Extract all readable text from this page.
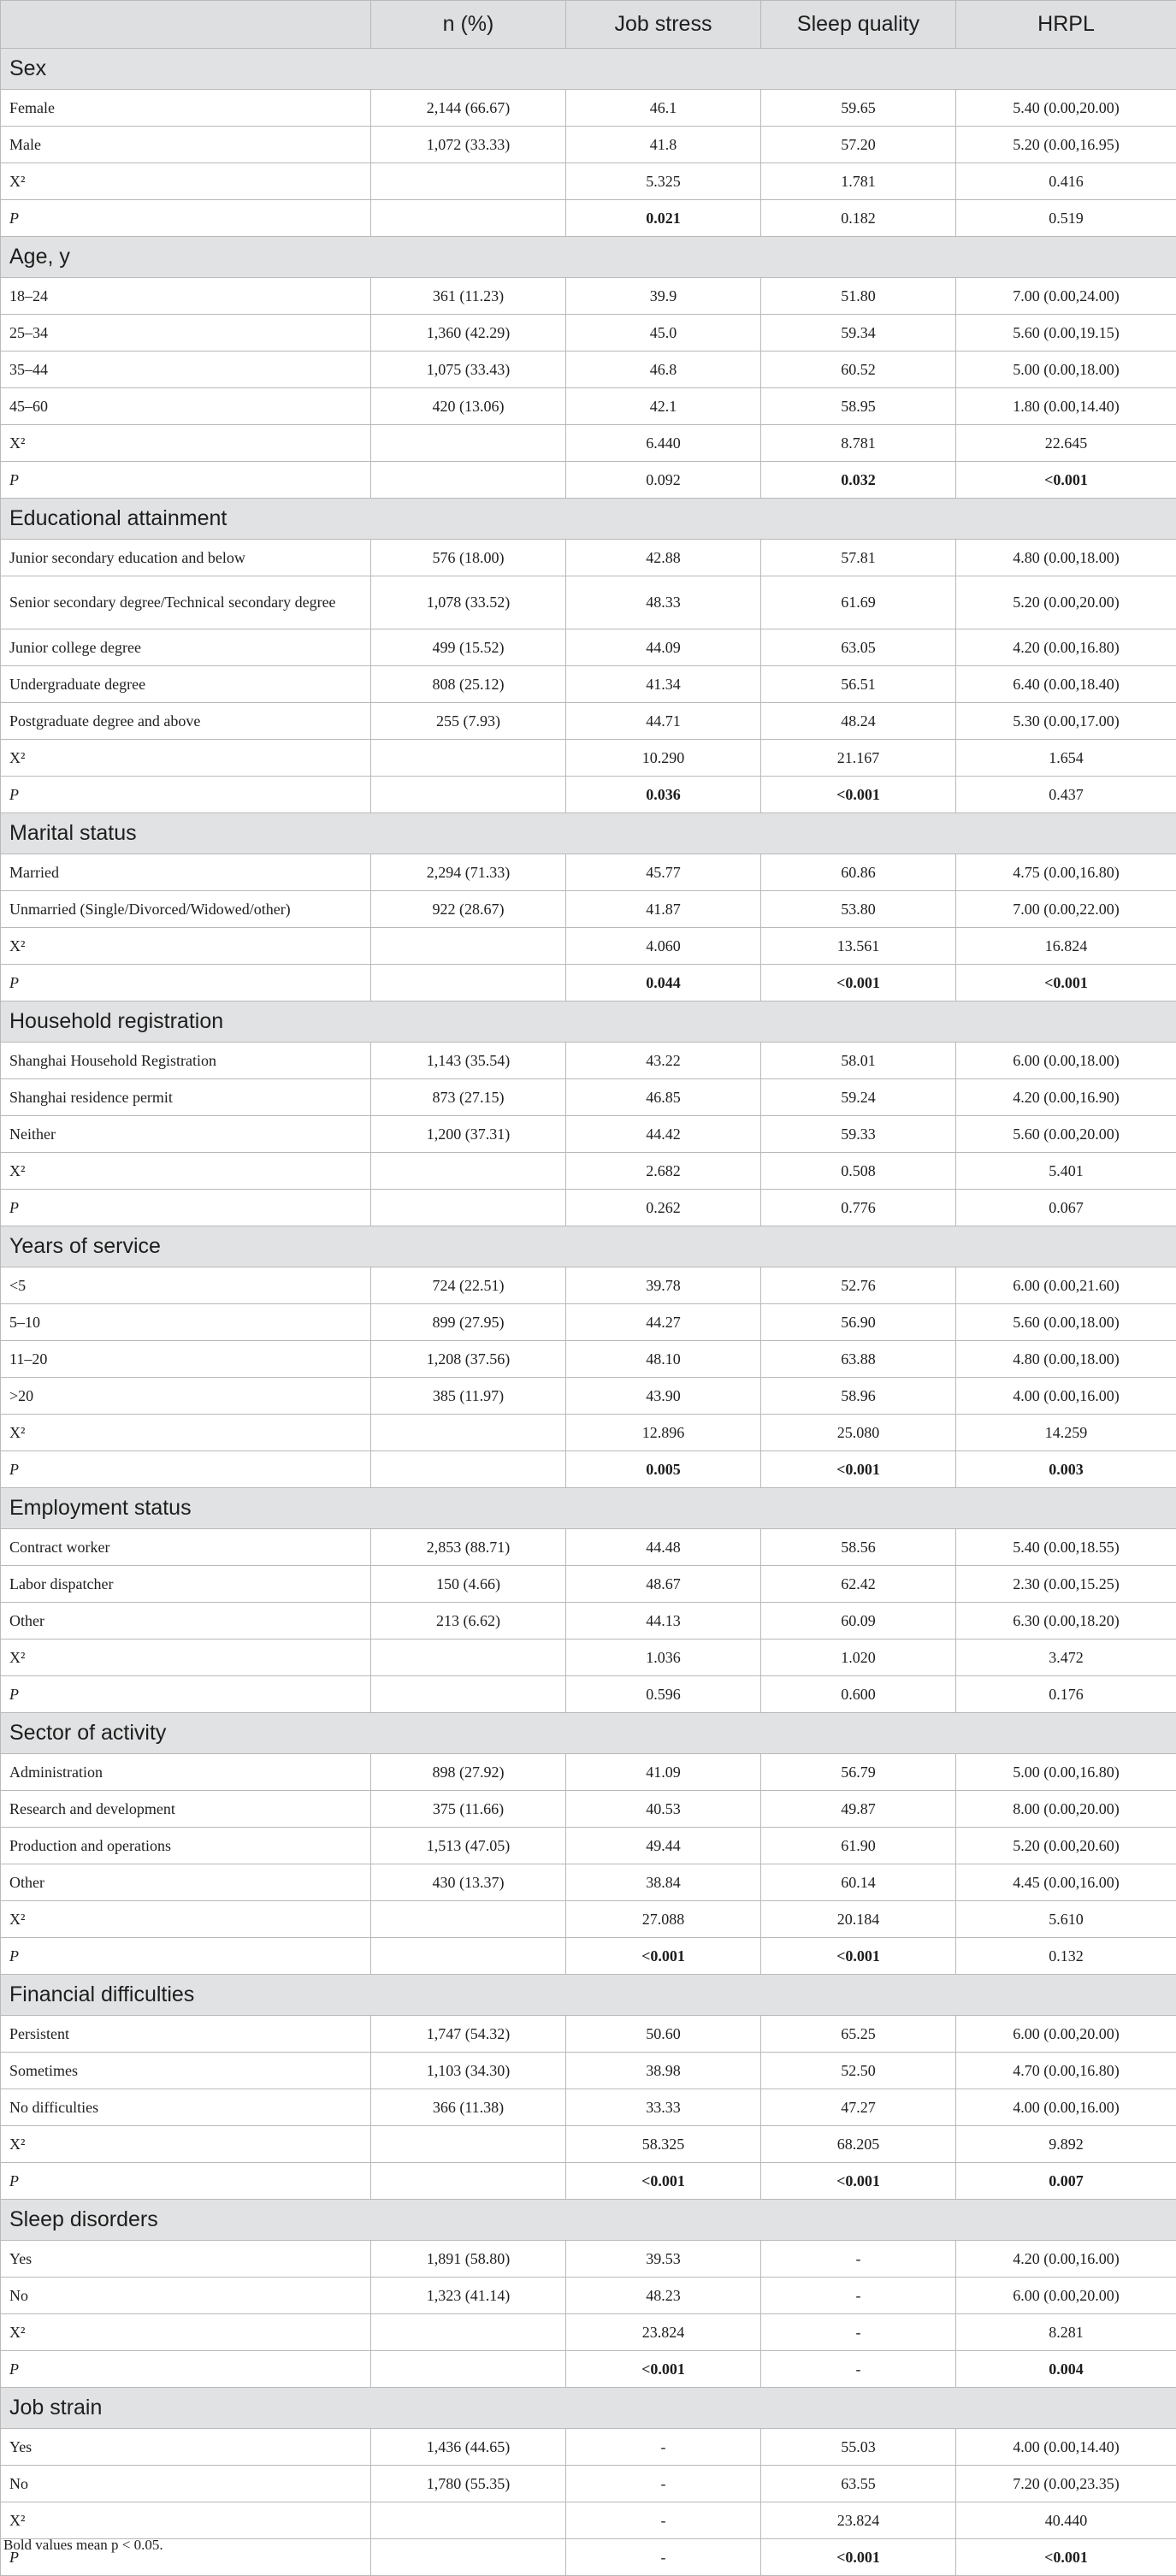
	n (%)	Job stress	Sleep quality	HRPL
Sex				
Female	2,144 (66.67)	46.1	59.65	5.40 (0.00,20.00)
Male	1,072 (33.33)	41.8	57.20	5.20 (0.00,16.95)
X²		5.325	1.781	0.416
P		0.021	0.182	0.519
Age, y				
18–24	361 (11.23)	39.9	51.80	7.00 (0.00,24.00)
25–34	1,360 (42.29)	45.0	59.34	5.60 (0.00,19.15)
35–44	1,075 (33.43)	46.8	60.52	5.00 (0.00,18.00)
45–60	420 (13.06)	42.1	58.95	1.80 (0.00,14.40)
X²		6.440	8.781	22.645
P		0.092	0.032	<0.001
Educational attainment				
Junior secondary education and below	576 (18.00)	42.88	57.81	4.80 (0.00,18.00)
Senior secondary degree/Technical secondary degree	1,078 (33.52)	48.33	61.69	5.20 (0.00,20.00)
Junior college degree	499 (15.52)	44.09	63.05	4.20 (0.00,16.80)
Undergraduate degree	808 (25.12)	41.34	56.51	6.40 (0.00,18.40)
Postgraduate degree and above	255 (7.93)	44.71	48.24	5.30 (0.00,17.00)
X²		10.290	21.167	1.654
P		0.036	<0.001	0.437
Marital status				
Married	2,294 (71.33)	45.77	60.86	4.75 (0.00,16.80)
Unmarried (Single/Divorced/Widowed/other)	922 (28.67)	41.87	53.80	7.00 (0.00,22.00)
X²		4.060	13.561	16.824
P		0.044	<0.001	<0.001
Household registration				
Shanghai Household Registration	1,143 (35.54)	43.22	58.01	6.00 (0.00,18.00)
Shanghai residence permit	873 (27.15)	46.85	59.24	4.20 (0.00,16.90)
Neither	1,200 (37.31)	44.42	59.33	5.60 (0.00,20.00)
X²		2.682	0.508	5.401
P		0.262	0.776	0.067
Years of service				
<5	724 (22.51)	39.78	52.76	6.00 (0.00,21.60)
5–10	899 (27.95)	44.27	56.90	5.60 (0.00,18.00)
11–20	1,208 (37.56)	48.10	63.88	4.80 (0.00,18.00)
>20	385 (11.97)	43.90	58.96	4.00 (0.00,16.00)
X²		12.896	25.080	14.259
P		0.005	<0.001	0.003
Employment status				
Contract worker	2,853 (88.71)	44.48	58.56	5.40 (0.00,18.55)
Labor dispatcher	150 (4.66)	48.67	62.42	2.30 (0.00,15.25)
Other	213 (6.62)	44.13	60.09	6.30 (0.00,18.20)
X²		1.036	1.020	3.472
P		0.596	0.600	0.176
Sector of activity				
Administration	898 (27.92)	41.09	56.79	5.00 (0.00,16.80)
Research and development	375 (11.66)	40.53	49.87	8.00 (0.00,20.00)
Production and operations	1,513 (47.05)	49.44	61.90	5.20 (0.00,20.60)
Other	430 (13.37)	38.84	60.14	4.45 (0.00,16.00)
X²		27.088	20.184	5.610
P		<0.001	<0.001	0.132
Financial difficulties				
Persistent	1,747 (54.32)	50.60	65.25	6.00 (0.00,20.00)
Sometimes	1,103 (34.30)	38.98	52.50	4.70 (0.00,16.80)
No difficulties	366 (11.38)	33.33	47.27	4.00 (0.00,16.00)
X²		58.325	68.205	9.892
P		<0.001	<0.001	0.007
Sleep disorders				
Yes	1,891 (58.80)	39.53	-	4.20 (0.00,16.00)
No	1,323 (41.14)	48.23	-	6.00 (0.00,20.00)
X²		23.824	-	8.281
P		<0.001	-	0.004
Job strain				
Yes	1,436 (44.65)	-	55.03	4.00 (0.00,14.40)
No	1,780 (55.35)	-	63.55	7.20 (0.00,23.35)
X²		-	23.824	40.440
P		-	<0.001	<0.001
Bold values mean p < 0.05.
